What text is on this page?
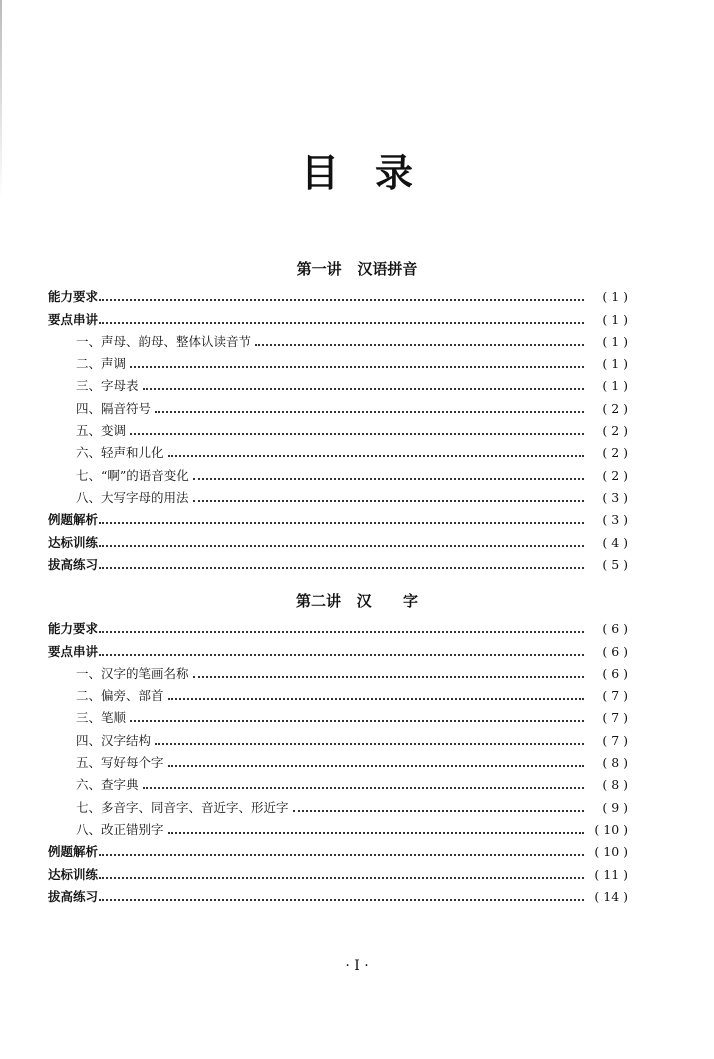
目录
第一讲   汉语拼音
能力要求	( 1 )
要点串讲	( 1 )
一、声母、韵母、整体认读音节	( 1 )
二、声调	( 1 )
三、字母表	( 1 )
四、隔音符号	( 2 )
五、变调	( 2 )
六、轻声和儿化	( 2 )
七、“啊”的语音变化	( 2 )
八、大写字母的用法	( 3 )
例题解析	( 3 )
达标训练	( 4 )
拔高练习	( 5 )
第二讲   汉      字
能力要求	( 6 )
要点串讲	( 6 )
一、汉字的笔画名称	( 6 )
二、偏旁、部首	( 7 )
三、笔顺	( 7 )
四、汉字结构	( 7 )
五、写好每个字	( 8 )
六、查字典	( 8 )
七、多音字、同音字、音近字、形近字	( 9 )
八、改正错别字	( 10 )
例题解析	( 10 )
达标训练	( 11 )
拔高练习	( 14 )
· I ·
